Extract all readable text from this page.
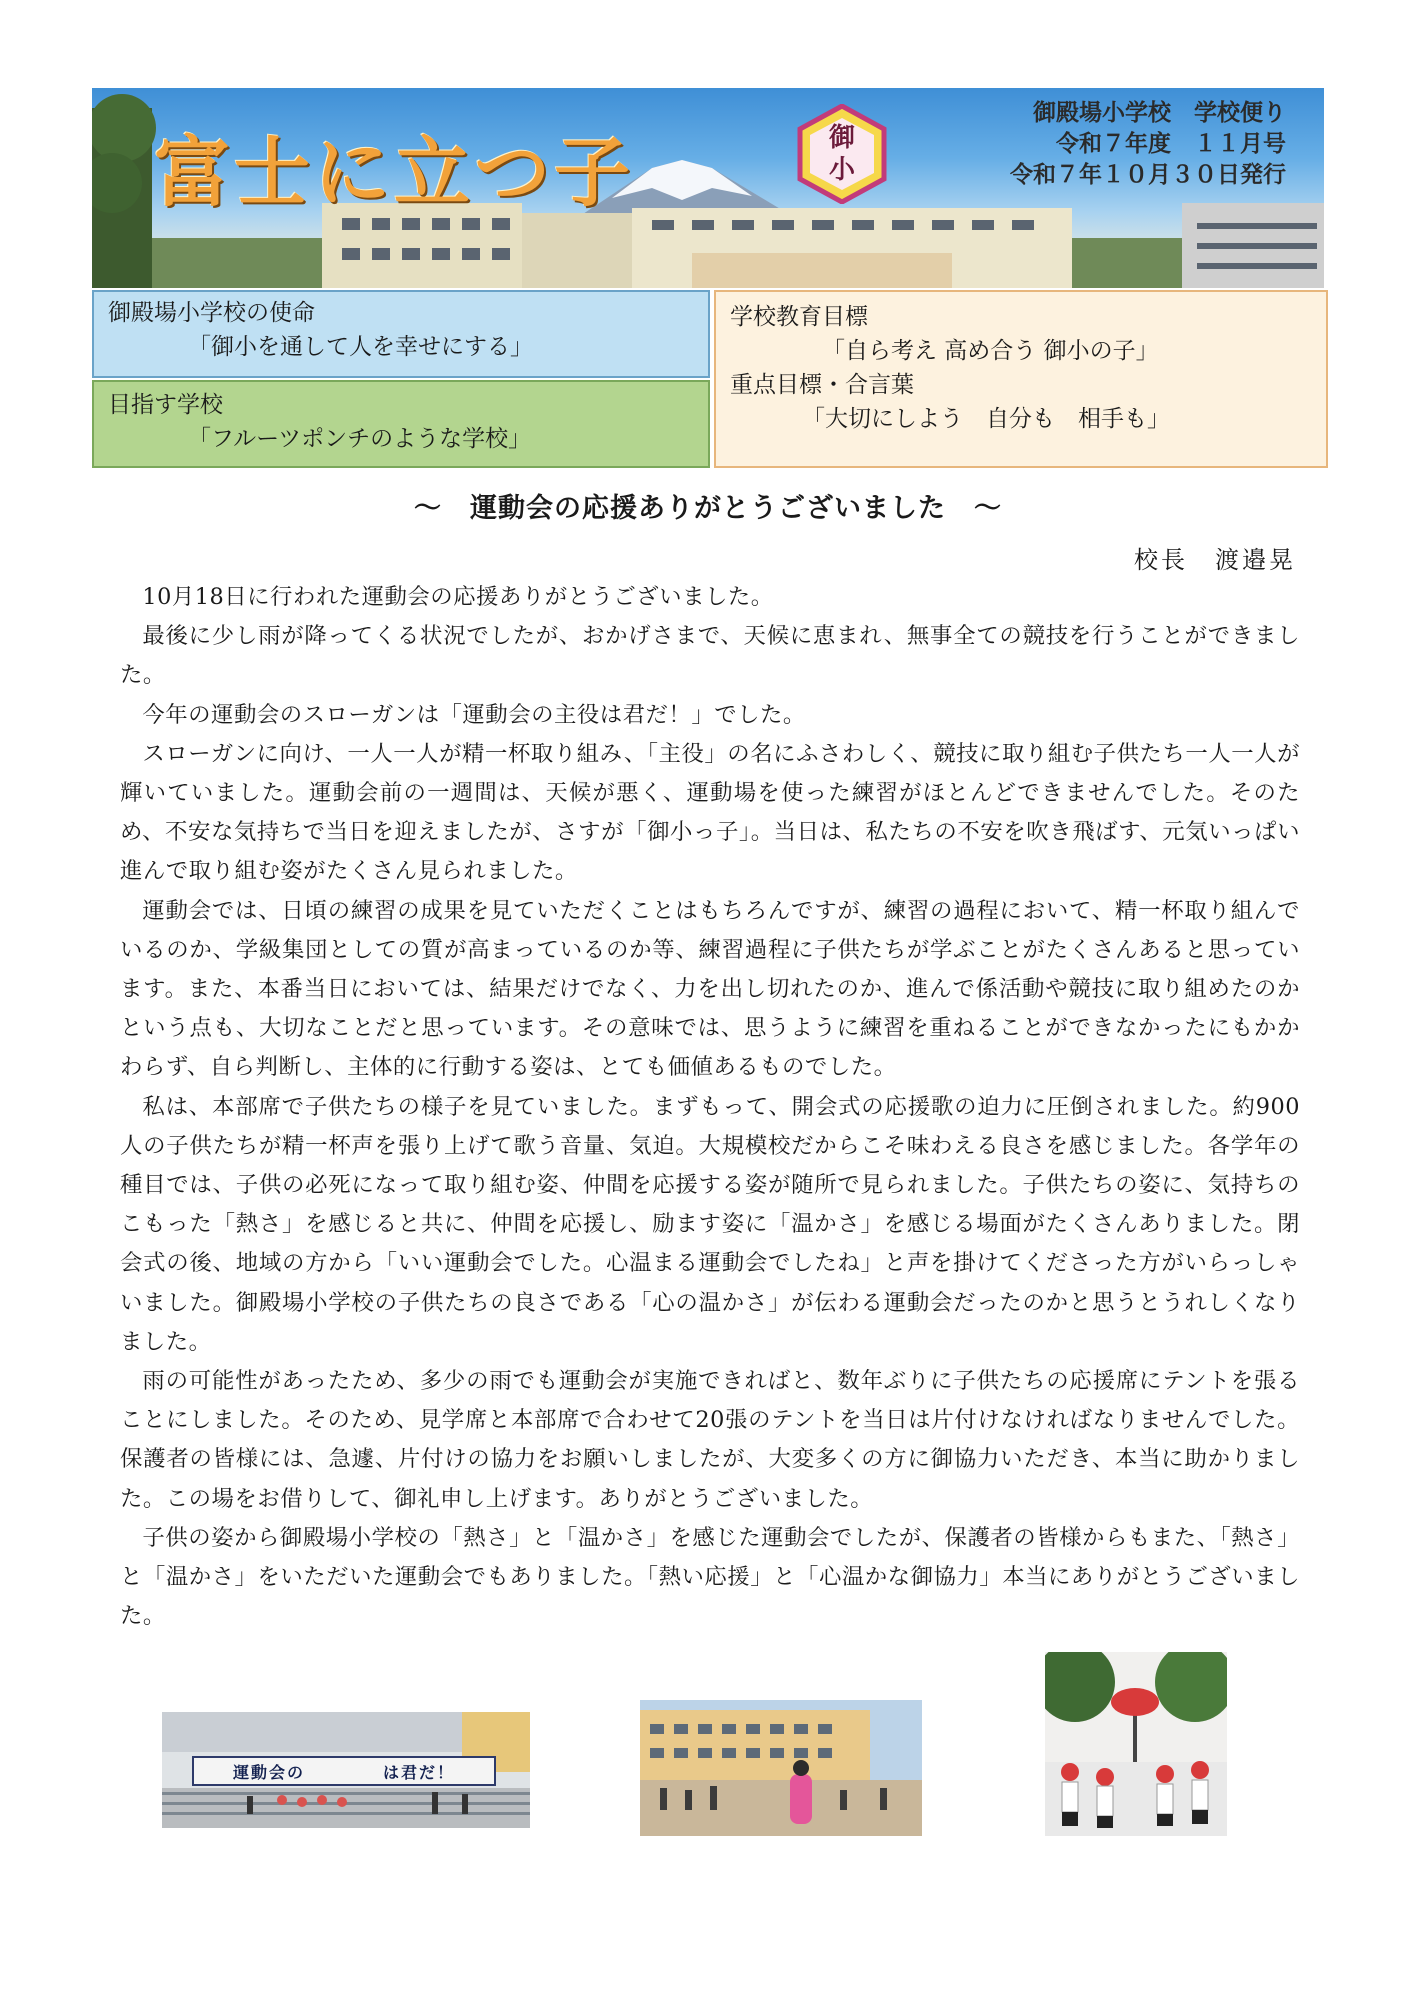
富士に立つ子	御
小
御殿場小学校　学校便り
令和７年度　１１月号
令和７年１０月３０日発行
御殿場小学校の使命
「御小を通して人を幸せにする」
目指す学校
「フルーツポンチのような学校」
学校教育目標
「自ら考え 高め合う 御小の子」
重点目標・合言葉
「大切にしよう　自分も　相手も」
～　運動会の応援ありがとうございました　～
校長　渡邉晃

10月18日に行われた運動会の応援ありがとうございました。

最後に少し雨が降ってくる状況でしたが、おかげさまで、天候に恵まれ、無事全ての競技を行うことができました。

今年の運動会のスローガンは「運動会の主役は君だ！」でした。

スローガンに向け、一人一人が精一杯取り組み、「主役」の名にふさわしく、競技に取り組む子供たち一人一人が輝いていました。運動会前の一週間は、天候が悪く、運動場を使った練習がほとんどできませんでした。そのため、不安な気持ちで当日を迎えましたが、さすが「御小っ子」。当日は、私たちの不安を吹き飛ばす、元気いっぱい進んで取り組む姿がたくさん見られました。

運動会では、日頃の練習の成果を見ていただくことはもちろんですが、練習の過程において、精一杯取り組んでいるのか、学級集団としての質が高まっているのか等、練習過程に子供たちが学ぶことがたくさんあると思っています。また、本番当日においては、結果だけでなく、力を出し切れたのか、進んで係活動や競技に取り組めたのかという点も、大切なことだと思っています。その意味では、思うように練習を重ねることができなかったにもかかわらず、自ら判断し、主体的に行動する姿は、とても価値あるものでした。

私は、本部席で子供たちの様子を見ていました。まずもって、開会式の応援歌の迫力に圧倒されました。約900人の子供たちが精一杯声を張り上げて歌う音量、気迫。大規模校だからこそ味わえる良さを感じました。各学年の種目では、子供の必死になって取り組む姿、仲間を応援する姿が随所で見られました。子供たちの姿に、気持ちのこもった「熱さ」を感じると共に、仲間を応援し、励ます姿に「温かさ」を感じる場面がたくさんありました。閉会式の後、地域の方から「いい運動会でした。心温まる運動会でしたね」と声を掛けてくださった方がいらっしゃいました。御殿場小学校の子供たちの良さである「心の温かさ」が伝わる運動会だったのかと思うとうれしくなりました。

雨の可能性があったため、多少の雨でも運動会が実施できればと、数年ぶりに子供たちの応援席にテントを張ることにしました。そのため、見学席と本部席で合わせて20張のテントを当日は片付けなければなりませんでした。保護者の皆様には、急遽、片付けの協力をお願いしましたが、大変多くの方に御協力いただき、本当に助かりました。この場をお借りして、御礼申し上げます。ありがとうございました。

子供の姿から御殿場小学校の「熱さ」と「温かさ」を感じた運動会でしたが、保護者の皆様からもまた、「熱さ」と「温かさ」をいただいた運動会でもありました。「熱い応援」と「心温かな御協力」本当にありがとうございました。

運動会の	は君だ！
